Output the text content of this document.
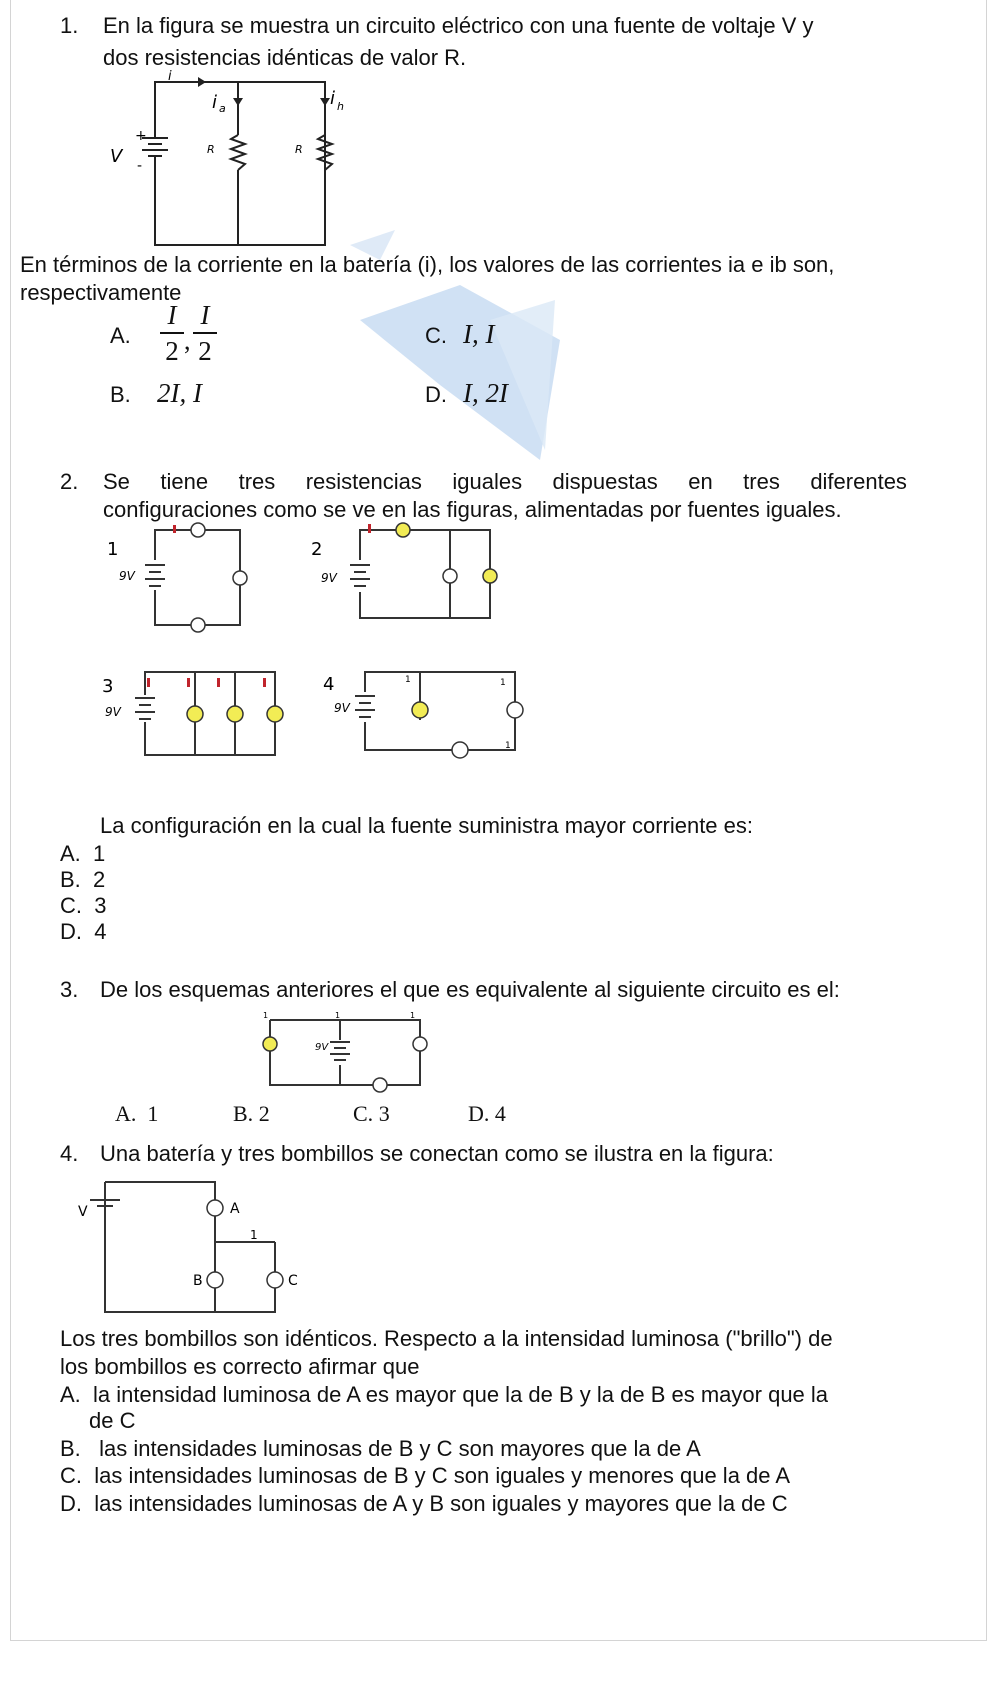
1. En la figura se muestra un circuito eléctrico con una fuente de voltaje V y
dos resistencias idénticas de valor R.
i
i a	i h
V
+
-
R	R
En términos de la corriente en la batería (i), los valores de las corrientes ia e ib son,
respectivamente
A.
I
2 ,
I
2
B. 2I, I
C. I, I
D. I, 2I
2. Se tiene tres resistencias iguales dispuestas en tres diferentes
configuraciones como se ve en las figuras, alimentadas por fuentes iguales.
1
9V
2
9V
3
9V
4
9V
1	1
1
La configuración en la cual la fuente suministra mayor corriente es:
A. 1
B. 2
C. 3
D. 4
3. De los esquemas anteriores el que es equivalente al siguiente circuito es el:
9V
1	1	1
A. 1	B. 2	C. 3	D. 4
4. Una batería y tres bombillos se conectan como se ilustra en la figura:
V	A
B	C
1
Los tres bombillos son idénticos. Respecto a la intensidad luminosa ("brillo") de
los bombillos es correcto afirmar que
A. la intensidad luminosa de A es mayor que la de B y la de B es mayor que la
de C
B. las intensidades luminosas de B y C son mayores que la de A
C. las intensidades luminosas de B y C son iguales y menores que la de A
D. las intensidades luminosas de A y B son iguales y mayores que la de C
